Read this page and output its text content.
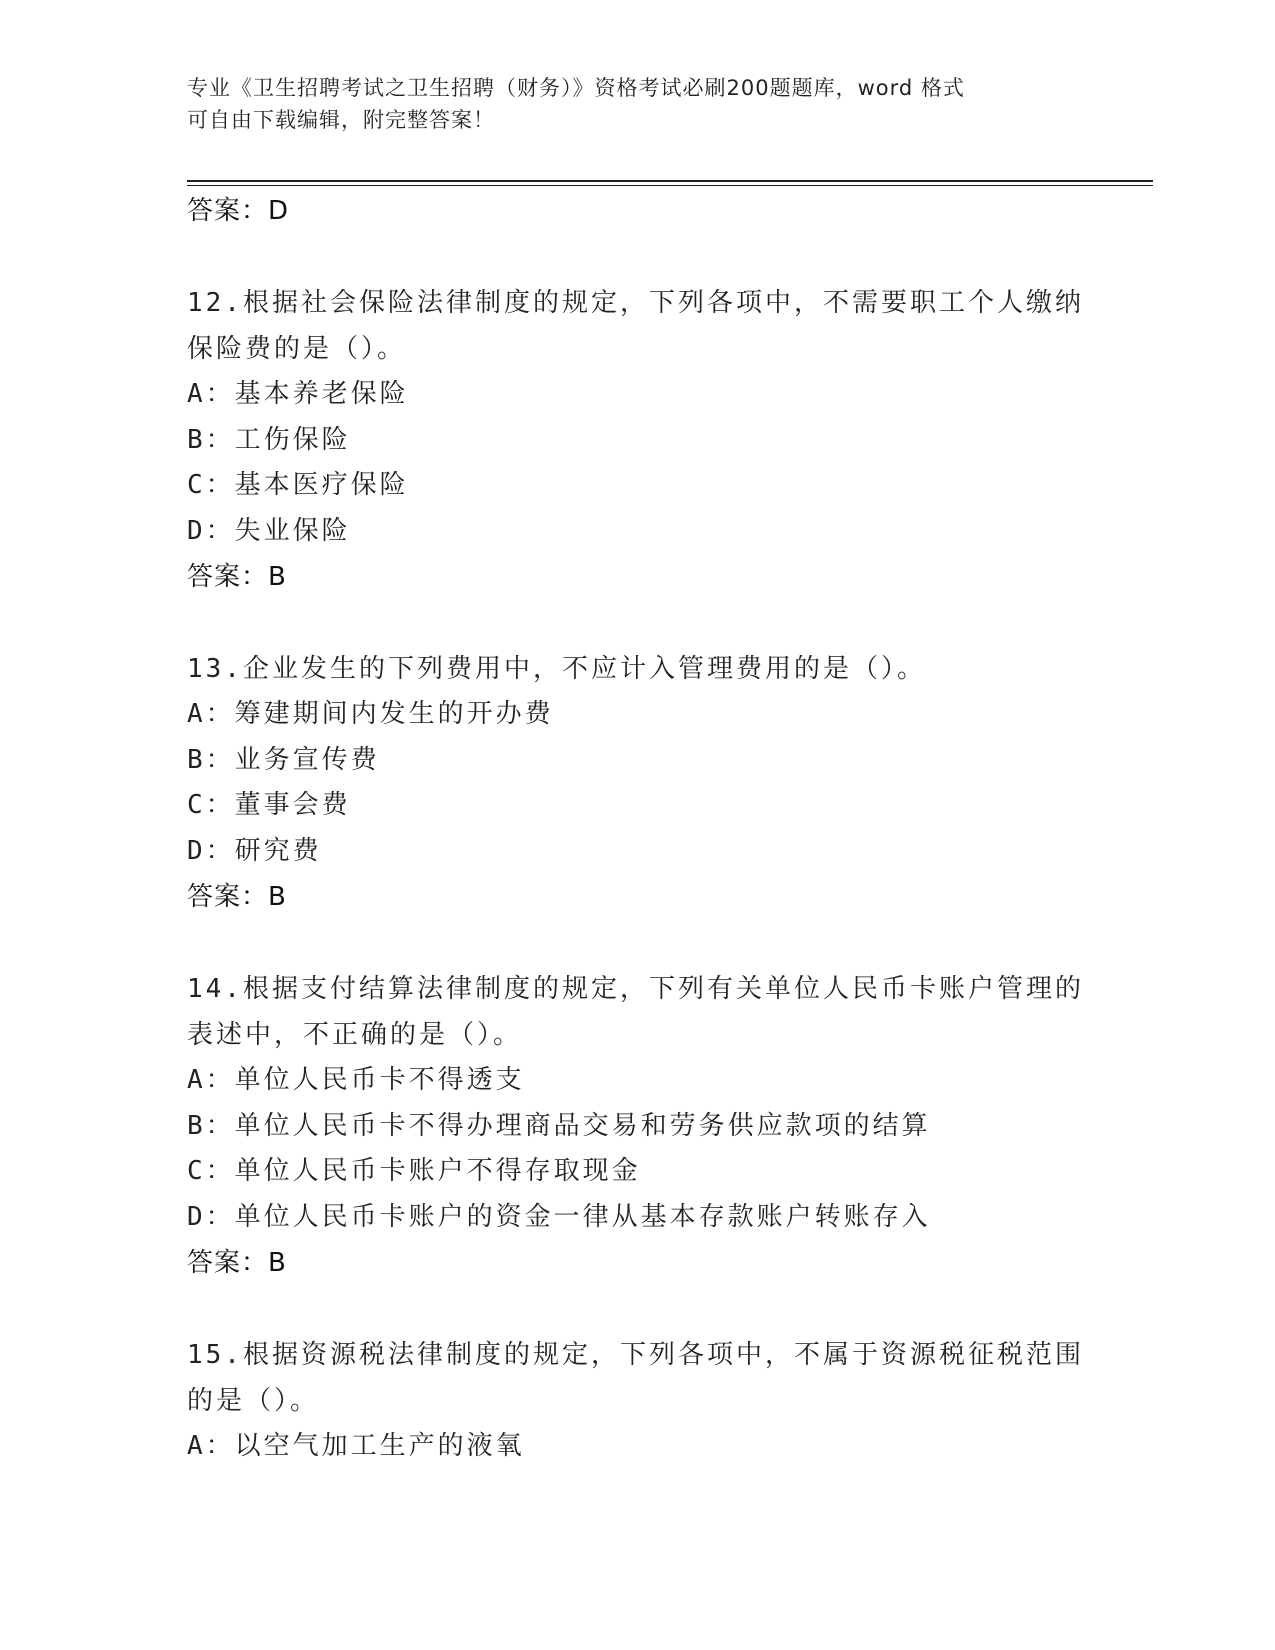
专业《卫生招聘考试之卫生招聘（财务）》资格考试必刷200题题库，word 格式
可自由下载编辑，附完整答案！
答案：D
12.根据社会保险法律制度的规定，下列各项中，不需要职工个人缴纳
保险费的是（）。
A：基本养老保险
B：工伤保险
C：基本医疗保险
D：失业保险
答案：B
13.企业发生的下列费用中，不应计入管理费用的是（）。
A：筹建期间内发生的开办费
B：业务宣传费
C：董事会费
D：研究费
答案：B
14.根据支付结算法律制度的规定，下列有关单位人民币卡账户管理的
表述中，不正确的是（）。
A：单位人民币卡不得透支
B：单位人民币卡不得办理商品交易和劳务供应款项的结算
C：单位人民币卡账户不得存取现金
D：单位人民币卡账户的资金一律从基本存款账户转账存入
答案：B
15.根据资源税法律制度的规定，下列各项中，不属于资源税征税范围
的是（）。
A：以空气加工生产的液氧
